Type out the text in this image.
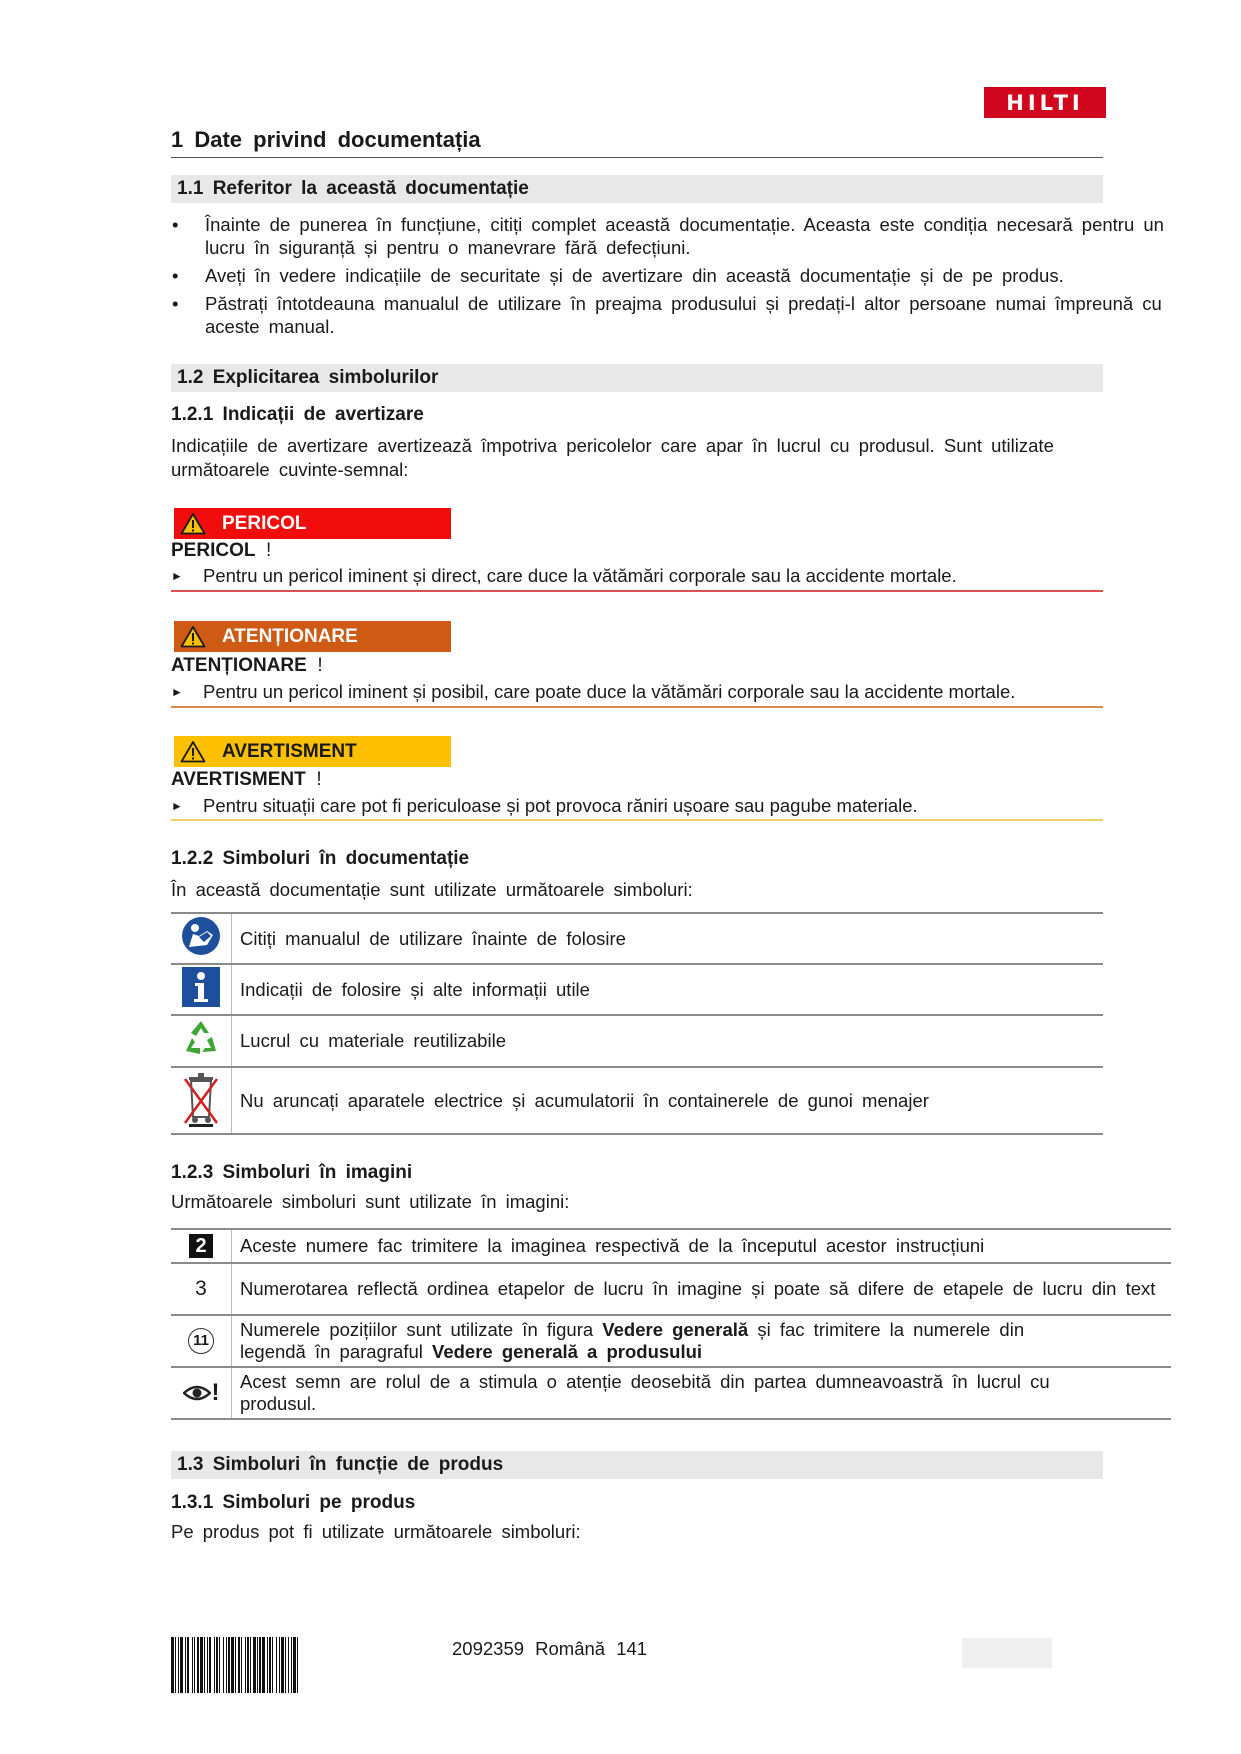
HILTI
1 Date privind documentația
1.1 Referitor la această documentație
• Înainte de punerea în funcțiune, citiți complet această documentație. Aceasta este condiția necesară pentru un lucru în siguranță și pentru o manevrare fără defecțiuni.
• Aveți în vedere indicațiile de securitate și de avertizare din această documentație și de pe produs.
• Păstrați întotdeauna manualul de utilizare în preajma produsului și predați-l altor persoane numai împreună cu aceste manual.
1.2 Explicitarea simbolurilor
1.2.1 Indicații de avertizare
Indicațiile de avertizare avertizează împotriva pericolelor care apar în lucrul cu produsul. Sunt utilizate următoarele cuvinte-semnal:
PERICOL
PERICOL !
►	Pentru un pericol iminent și direct, care duce la vătămări corporale sau la accidente mortale.
ATENȚIONARE
ATENȚIONARE !
►	Pentru un pericol iminent și posibil, care poate duce la vătămări corporale sau la accidente mortale.
AVERTISMENT
AVERTISMENT !
►	Pentru situații care pot fi periculoase și pot provoca răniri ușoare sau pagube materiale.
1.2.2 Simboluri în documentație
În această documentație sunt utilizate următoarele simboluri:
	Citiți manualul de utilizare înainte de folosire
	Indicații de folosire și alte informații utile
	Lucrul cu materiale reutilizabile
	Nu aruncați aparatele electrice și acumulatorii în containerele de gunoi menajer
1.2.3 Simboluri în imagini
Următoarele simboluri sunt utilizate în imagini:
2	Aceste numere fac trimitere la imaginea respectivă de la începutul acestor instrucțiuni
3	Numerotarea reflectă ordinea etapelor de lucru în imagine și poate să difere de etapele de lucru din text
11	Numerele pozițiilor sunt utilizate în figura Vedere generală și fac trimitere la numerele din legendă în paragraful Vedere generală a produsului

!	Acest semn are rolul de a stimula o atenție deosebită din partea dumneavoastră în lucrul cu produsul.
1.3 Simboluri în funcție de produs
1.3.1 Simboluri pe produs
Pe produs pot fi utilizate următoarele simboluri:
2092359 Română 141
